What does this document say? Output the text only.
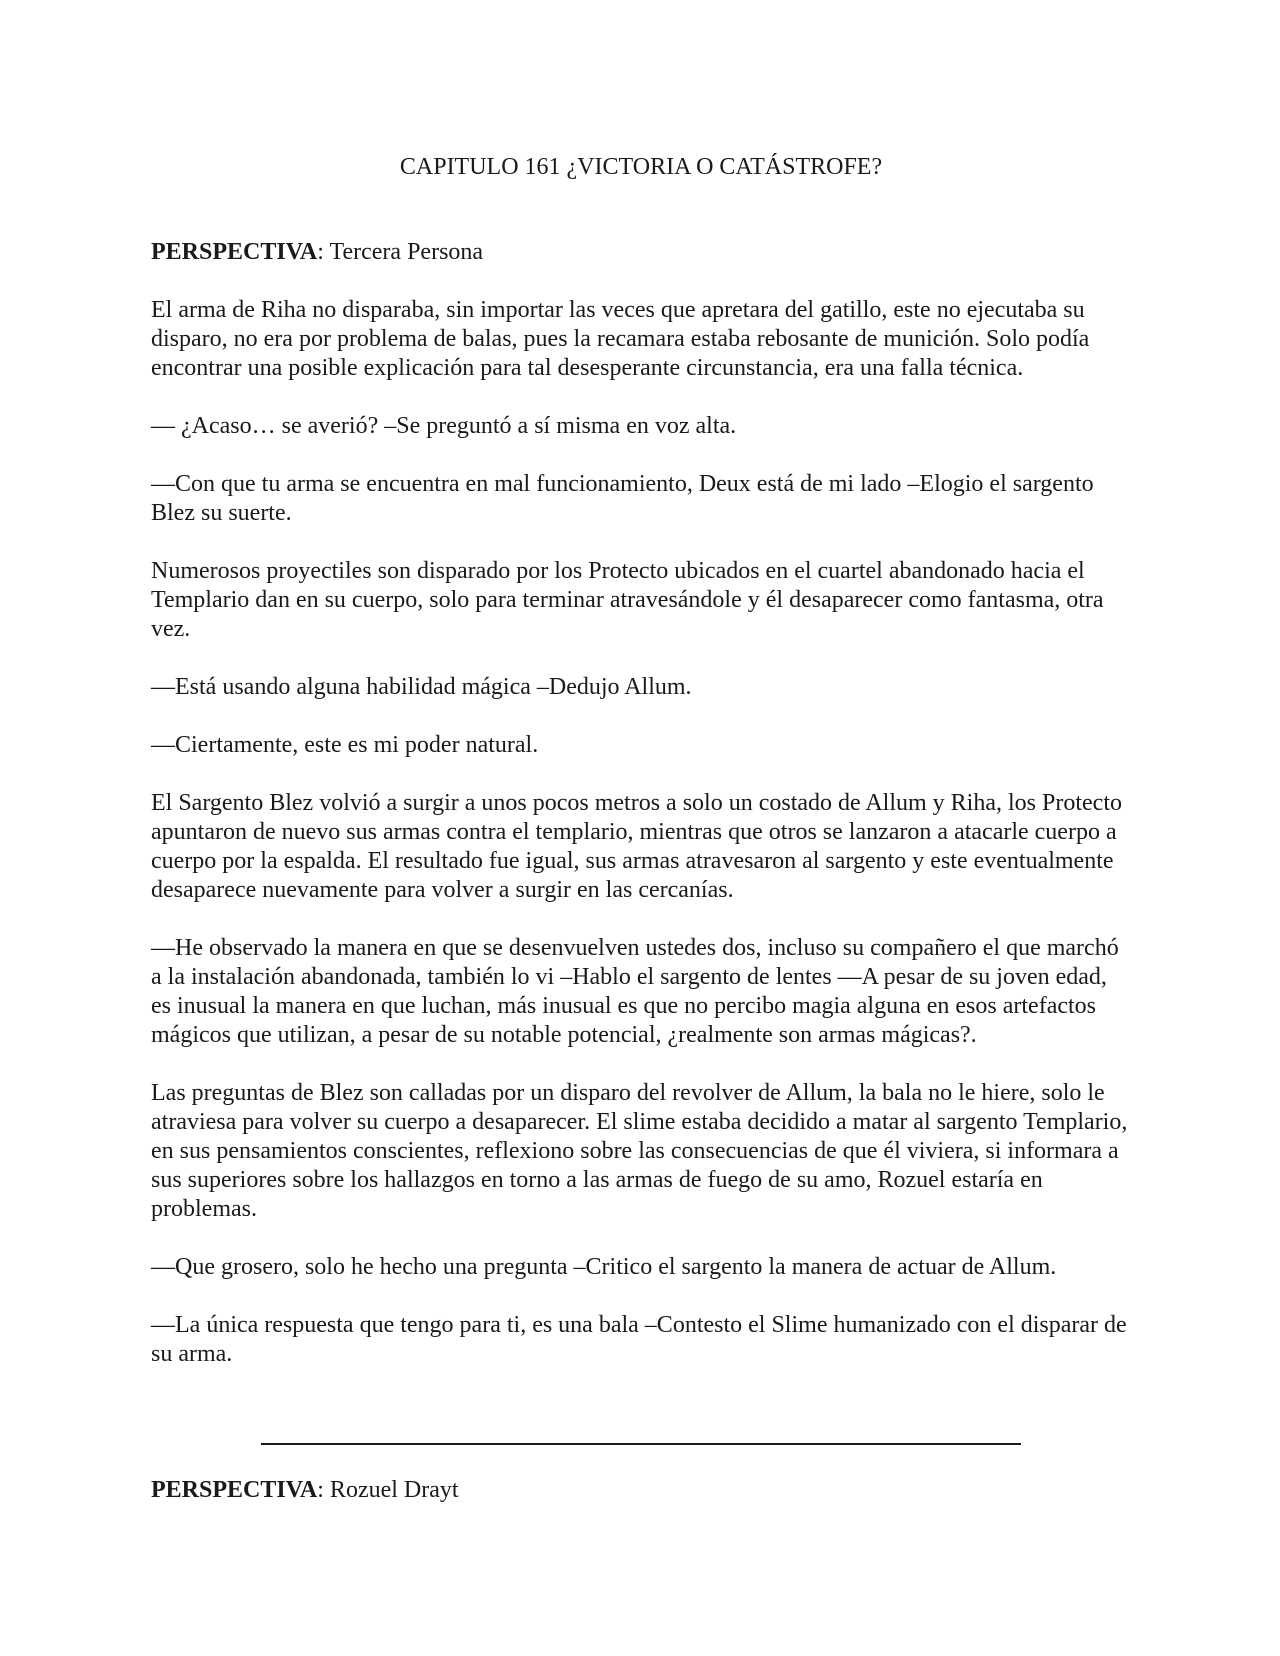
CAPITULO 161 ¿VICTORIA O CATÁSTROFE?
PERSPECTIVA: Tercera Persona

El arma de Riha no disparaba, sin importar las veces que apretara del gatillo, este no ejecutaba su disparo, no era por problema de balas, pues la recamara estaba rebosante de munición. Solo podía encontrar una posible explicación para tal desesperante circunstancia, era una falla técnica.

— ¿Acaso… se averió? –Se preguntó a sí misma en voz alta.

—Con que tu arma se encuentra en mal funcionamiento, Deux está de mi lado –Elogio el sargento Blez su suerte.

Numerosos proyectiles son disparado por los Protecto ubicados en el cuartel abandonado hacia el Templario dan en su cuerpo, solo para terminar atravesándole y él desaparecer como fantasma, otra vez.

—Está usando alguna habilidad mágica –Dedujo Allum.

—Ciertamente, este es mi poder natural.

El Sargento Blez volvió a surgir a unos pocos metros a solo un costado de Allum y Riha, los Protecto apuntaron de nuevo sus armas contra el templario, mientras que otros se lanzaron a atacarle cuerpo a cuerpo por la espalda. El resultado fue igual, sus armas atravesaron al sargento y este eventualmente desaparece nuevamente para volver a surgir en las cercanías.

—He observado la manera en que se desenvuelven ustedes dos, incluso su compañero el que marchó a la instalación abandonada, también lo vi –Hablo el sargento de lentes —A pesar de su joven edad, es inusual la manera en que luchan, más inusual es que no percibo magia alguna en esos artefactos mágicos que utilizan, a pesar de su notable potencial, ¿realmente son armas mágicas?.

Las preguntas de Blez son calladas por un disparo del revolver de Allum, la bala no le hiere, solo le atraviesa para volver su cuerpo a desaparecer. El slime estaba decidido a matar al sargento Templario, en sus pensamientos conscientes, reflexiono sobre las consecuencias de que él viviera, si informara a sus superiores sobre los hallazgos en torno a las armas de fuego de su amo, Rozuel estaría en problemas.

—Que grosero, solo he hecho una pregunta –Critico el sargento la manera de actuar de Allum.

—La única respuesta que tengo para ti, es una bala –Contesto el Slime humanizado con el disparar de su arma.

PERSPECTIVA: Rozuel Drayt
